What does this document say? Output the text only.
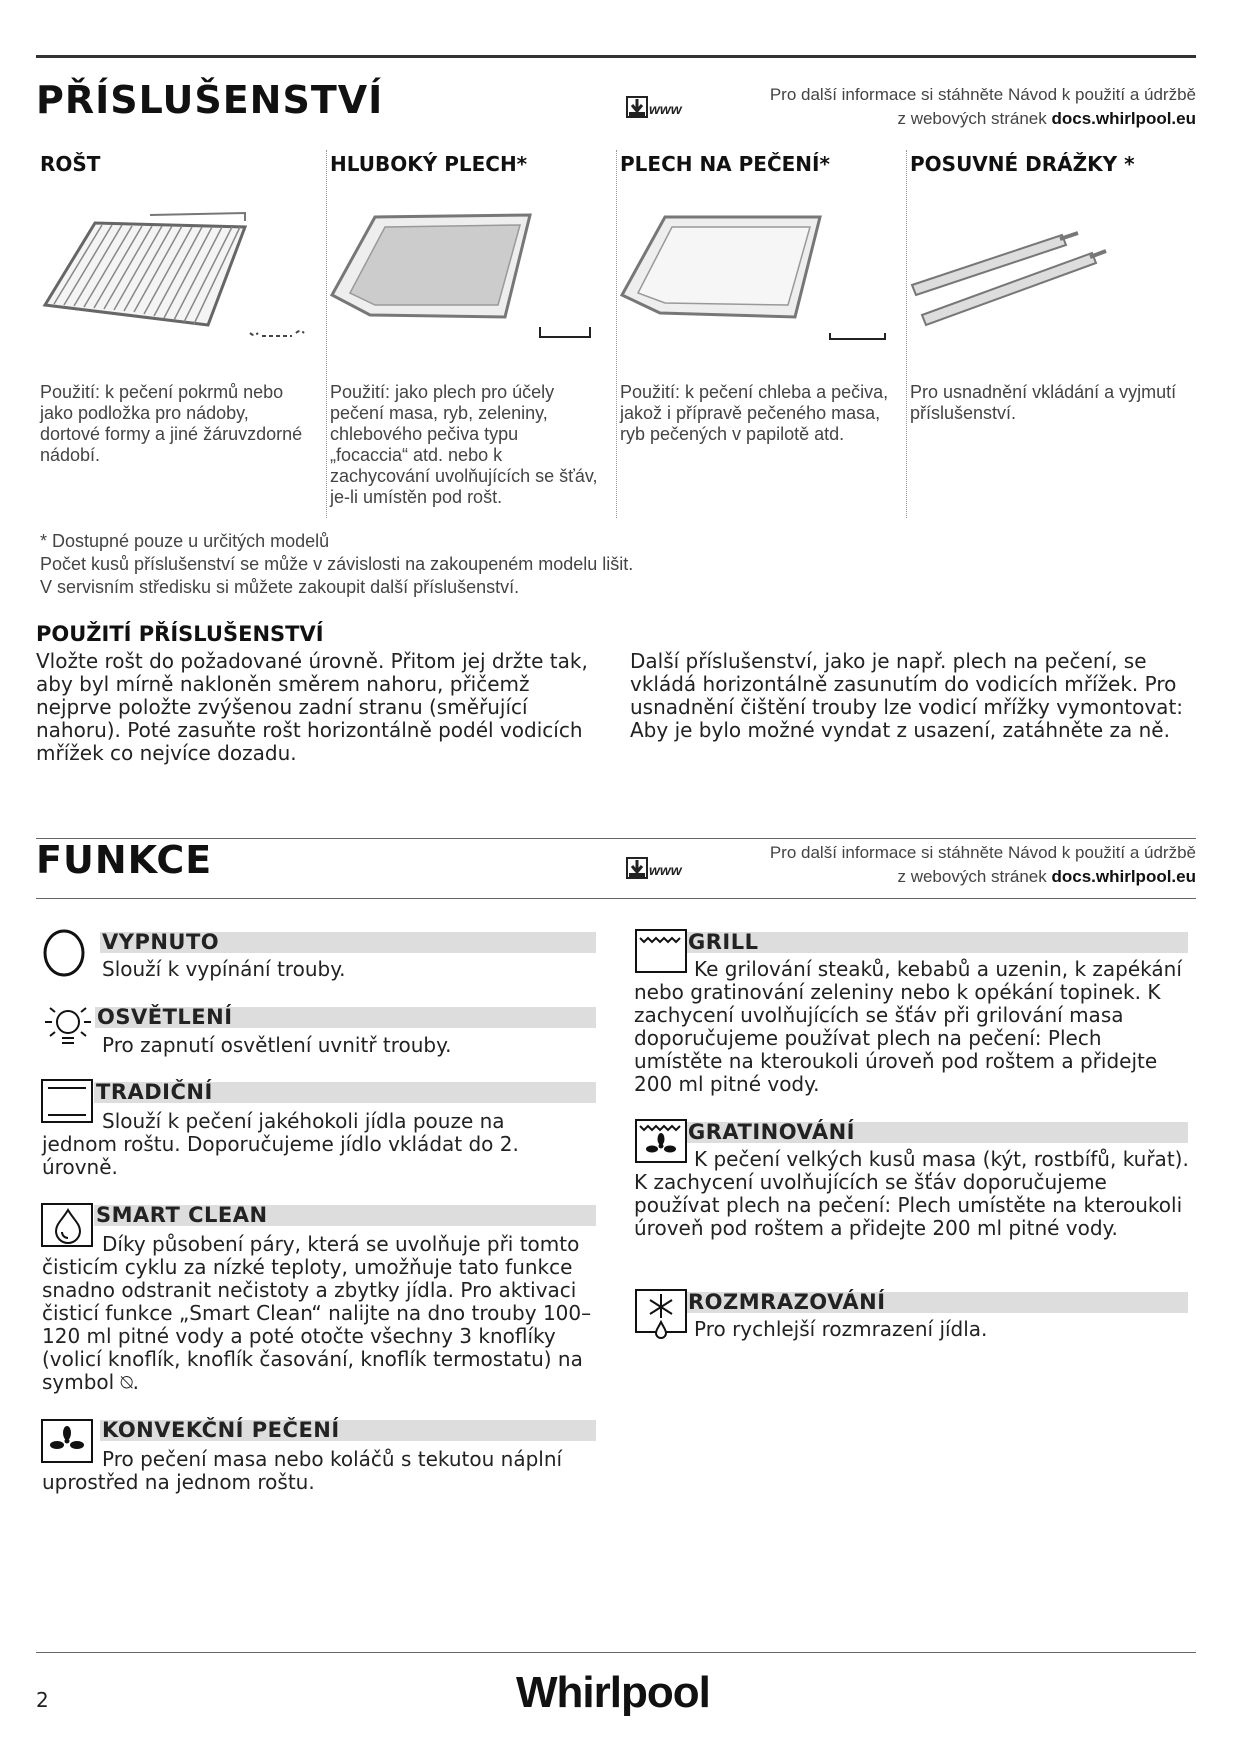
PŘÍSLUŠENSTVÍ	www
Pro další informace si stáhněte Návod k použití a údržbě
z webových stránek docs.whirlpool.eu
ROŠT	HLUBOKÝ PLECH*	PLECH NA PEČENÍ*	POSUVNÉ DRÁŽKY *
Použití: k pečení pokrmů nebo jako podložka pro nádoby, dortové formy a jiné žáruvzdorné nádobí.
Použití: jako plech pro účely pečení masa, ryb, zeleniny, chlebového pečiva typu „focaccia“ atd. nebo k zachycování uvolňujících se šťáv, je-li umístěn pod rošt.
Použití: k pečení chleba a pečiva, jakož i přípravě pečeného masa, ryb pečených v papilotě atd.
Pro usnadnění vkládání a vyjmutí příslušenství.
* Dostupné pouze u určitých modelů
Počet kusů příslušenství se může v závislosti na zakoupeném modelu lišit.
V servisním středisku si můžete zakoupit další příslušenství.
POUŽITÍ PŘÍSLUŠENSTVÍ
Vložte rošt do požadované úrovně. Přitom jej držte tak, aby byl mírně nakloněn směrem nahoru, přičemž nejprve položte zvýšenou zadní stranu (směřující nahoru). Poté zasuňte rošt horizontálně podél vodicích mřížek co nejvíce dozadu.
Další příslušenství, jako je např. plech na pečení, se vkládá horizontálně zasunutím do vodicích mřížek. Pro usnadnění čištění trouby lze vodicí mřížky vymontovat: Aby je bylo možné vyndat z usazení, zatáhněte za ně.
FUNKCE	www
Pro další informace si stáhněte Návod k použití a údržbě
z webových stránek docs.whirlpool.eu
VYPNUTO
Slouží k vypínání trouby.
OSVĚTLENÍ
Pro zapnutí osvětlení uvnitř trouby.
TRADIČNÍ
Slouží k pečení jakéhokoli jídla pouze na jednom roštu. Doporučujeme jídlo vkládat do 2. úrovně.
SMART CLEAN
Díky působení páry, která se uvolňuje při tomto čisticím cyklu za nízké teploty, umožňuje tato funkce snadno odstranit nečistoty a zbytky jídla. Pro aktivaci čisticí funkce „Smart Clean“ nalijte na dno trouby 100–120 ml pitné vody a poté otočte všechny 3 knoflíky (volicí knoflík, knoflík časování, knoflík termostatu) na symbol ⍉.
KONVEKČNÍ PEČENÍ
Pro pečení masa nebo koláčů s tekutou náplní uprostřed na jednom roštu.
GRILL
Ke grilování steaků, kebabů a uzenin, k zapékání nebo gratinování zeleniny nebo k opékání topinek. K zachycení uvolňujících se šťáv při grilování masa doporučujeme používat plech na pečení: Plech umístěte na kteroukoli úroveň pod roštem a přidejte 200 ml pitné vody.
GRATINOVÁNÍ
K pečení velkých kusů masa (kýt, rostbífů, kuřat). K zachycení uvolňujících se šťáv doporučujeme používat plech na pečení: Plech umístěte na kteroukoli úroveň pod roštem a přidejte 200 ml pitné vody.
ROZMRAZOVÁNÍ
Pro rychlejší rozmrazení jídla.
2	Whirlpool
